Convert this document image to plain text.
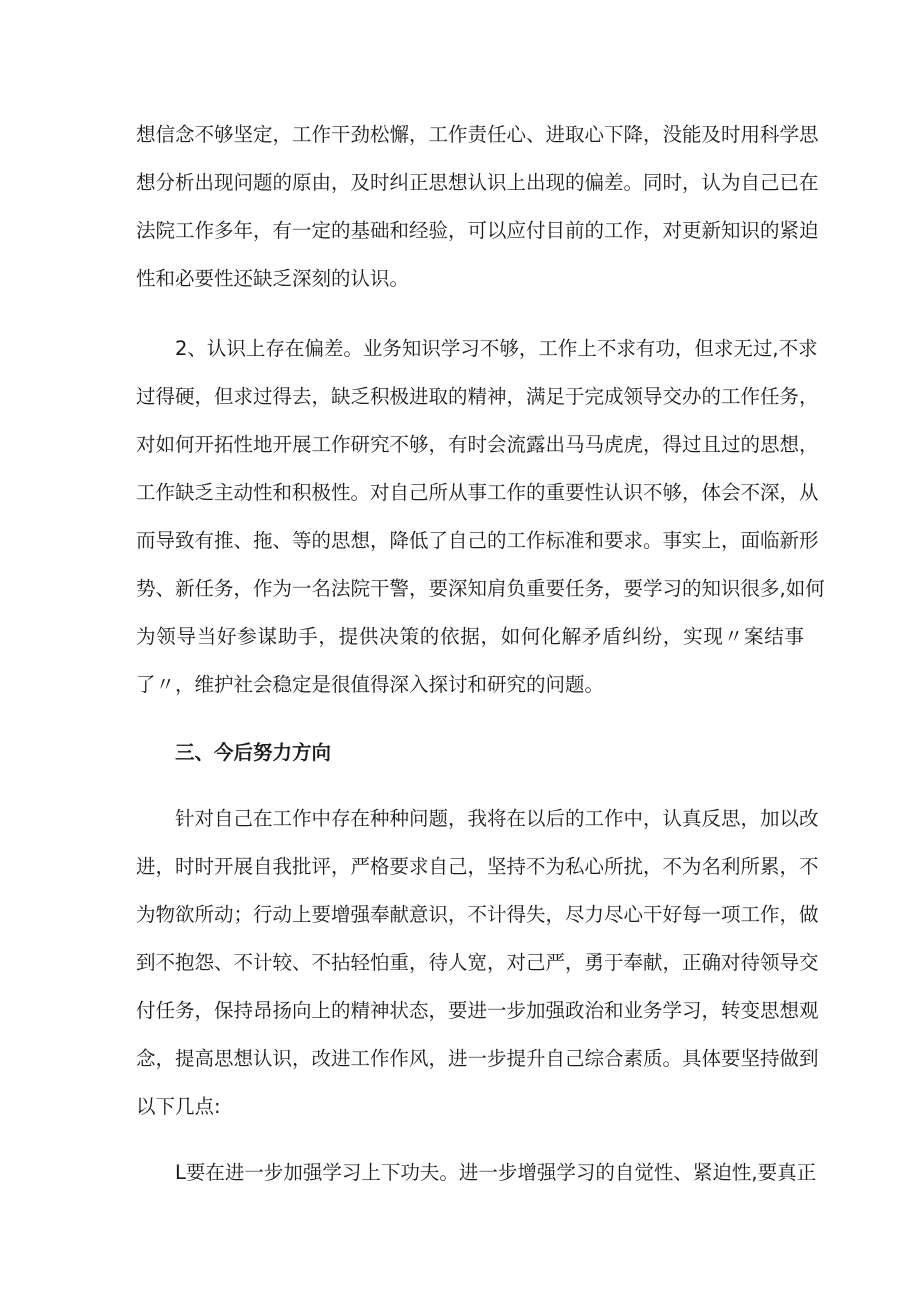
想信念不够坚定，工作干劲松懈，工作责任心、进取心下降，没能及时用科学思
想分析出现问题的原由，及时纠正思想认识上出现的偏差。同时，认为自己已在
法院工作多年，有一定的基础和经验，可以应付目前的工作，对更新知识的紧迫
性和必要性还缺乏深刻的认识。
2、认识上存在偏差。业务知识学习不够，工作上不求有功，但求无过,不求
过得硬，但求过得去，缺乏积极进取的精神，满足于完成领导交办的工作任务，
对如何开拓性地开展工作研究不够，有时会流露出马马虎虎，得过且过的思想，
工作缺乏主动性和积极性。对自己所从事工作的重要性认识不够，体会不深，从
而导致有推、拖、等的思想，降低了自己的工作标准和要求。事实上，面临新形
势、新任务，作为一名法院干警，要深知肩负重要任务，要学习的知识很多,如何
为领导当好参谋助手，提供决策的依据，如何化解矛盾纠纷，实现〃案结事
了〃，维护社会稳定是很值得深入探讨和研究的问题。
三、今后努力方向
针对自己在工作中存在种种问题，我将在以后的工作中，认真反思，加以改
进，时时开展自我批评，严格要求自己，坚持不为私心所扰，不为名利所累，不
为物欲所动；行动上要增强奉献意识，不计得失，尽力尽心干好每一项工作，做
到不抱怨、不计较、不拈轻怕重，待人宽，对己严，勇于奉献，正确对待领导交
付任务，保持昂扬向上的精神状态，要进一步加强政治和业务学习，转变思想观
念，提高思想认识，改进工作作风，进一步提升自己综合素质。具体要坚持做到
以下几点:
L要在进一步加强学习上下功夫。进一步增强学习的自觉性、紧迫性,要真正
